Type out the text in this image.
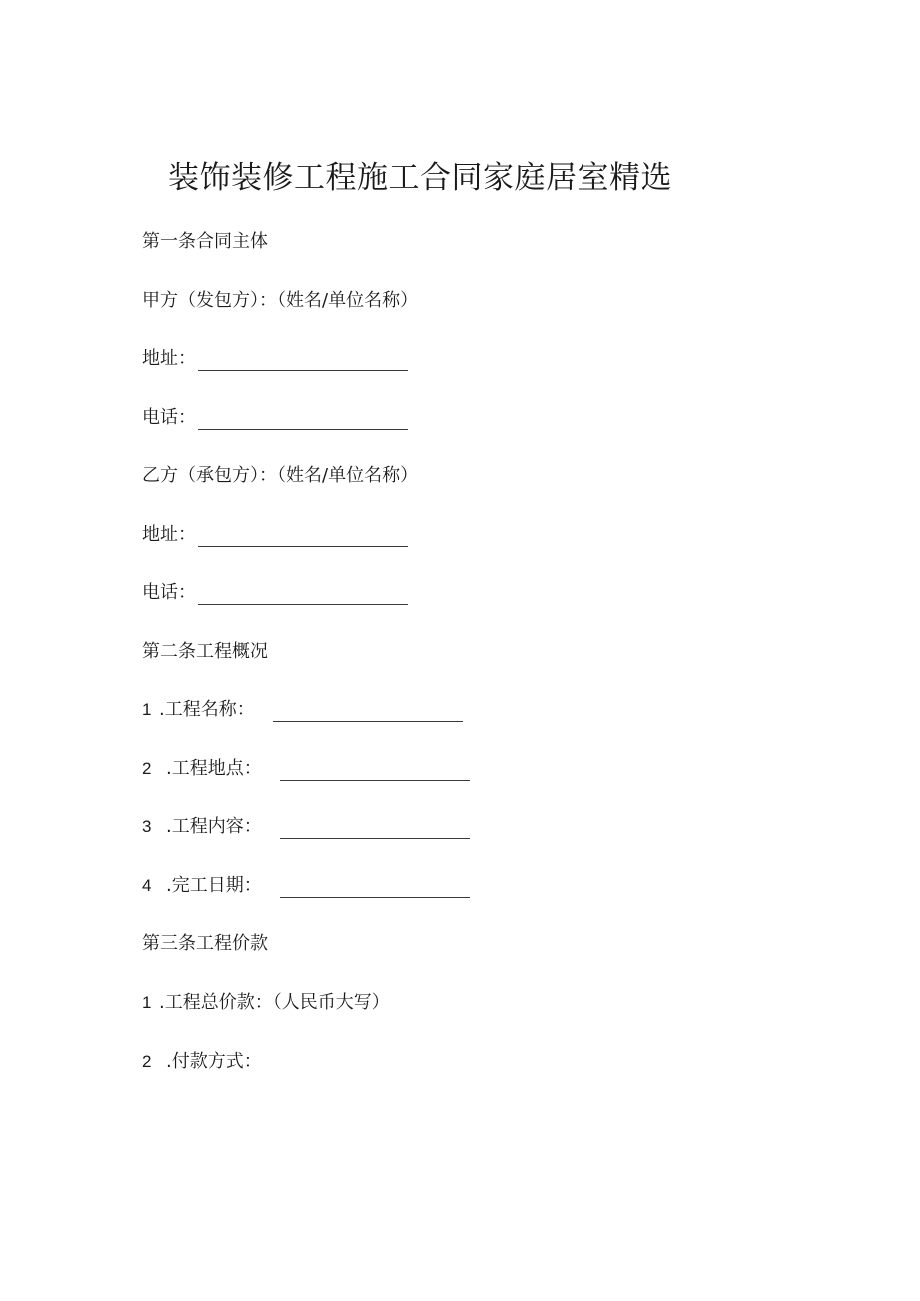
装饰装修工程施工合同家庭居室精选
第一条合同主体
甲方（发包方）：（姓名/单位名称）
地址：
电话：
乙方（承包方）：（姓名/单位名称）
地址：
电话：
第二条工程概况
1 .工程名称：
2 .工程地点：
3 .工程内容：
4 .完工日期：
第三条工程价款
1 .工程总价款：（人民币大写）
2 .付款方式：
